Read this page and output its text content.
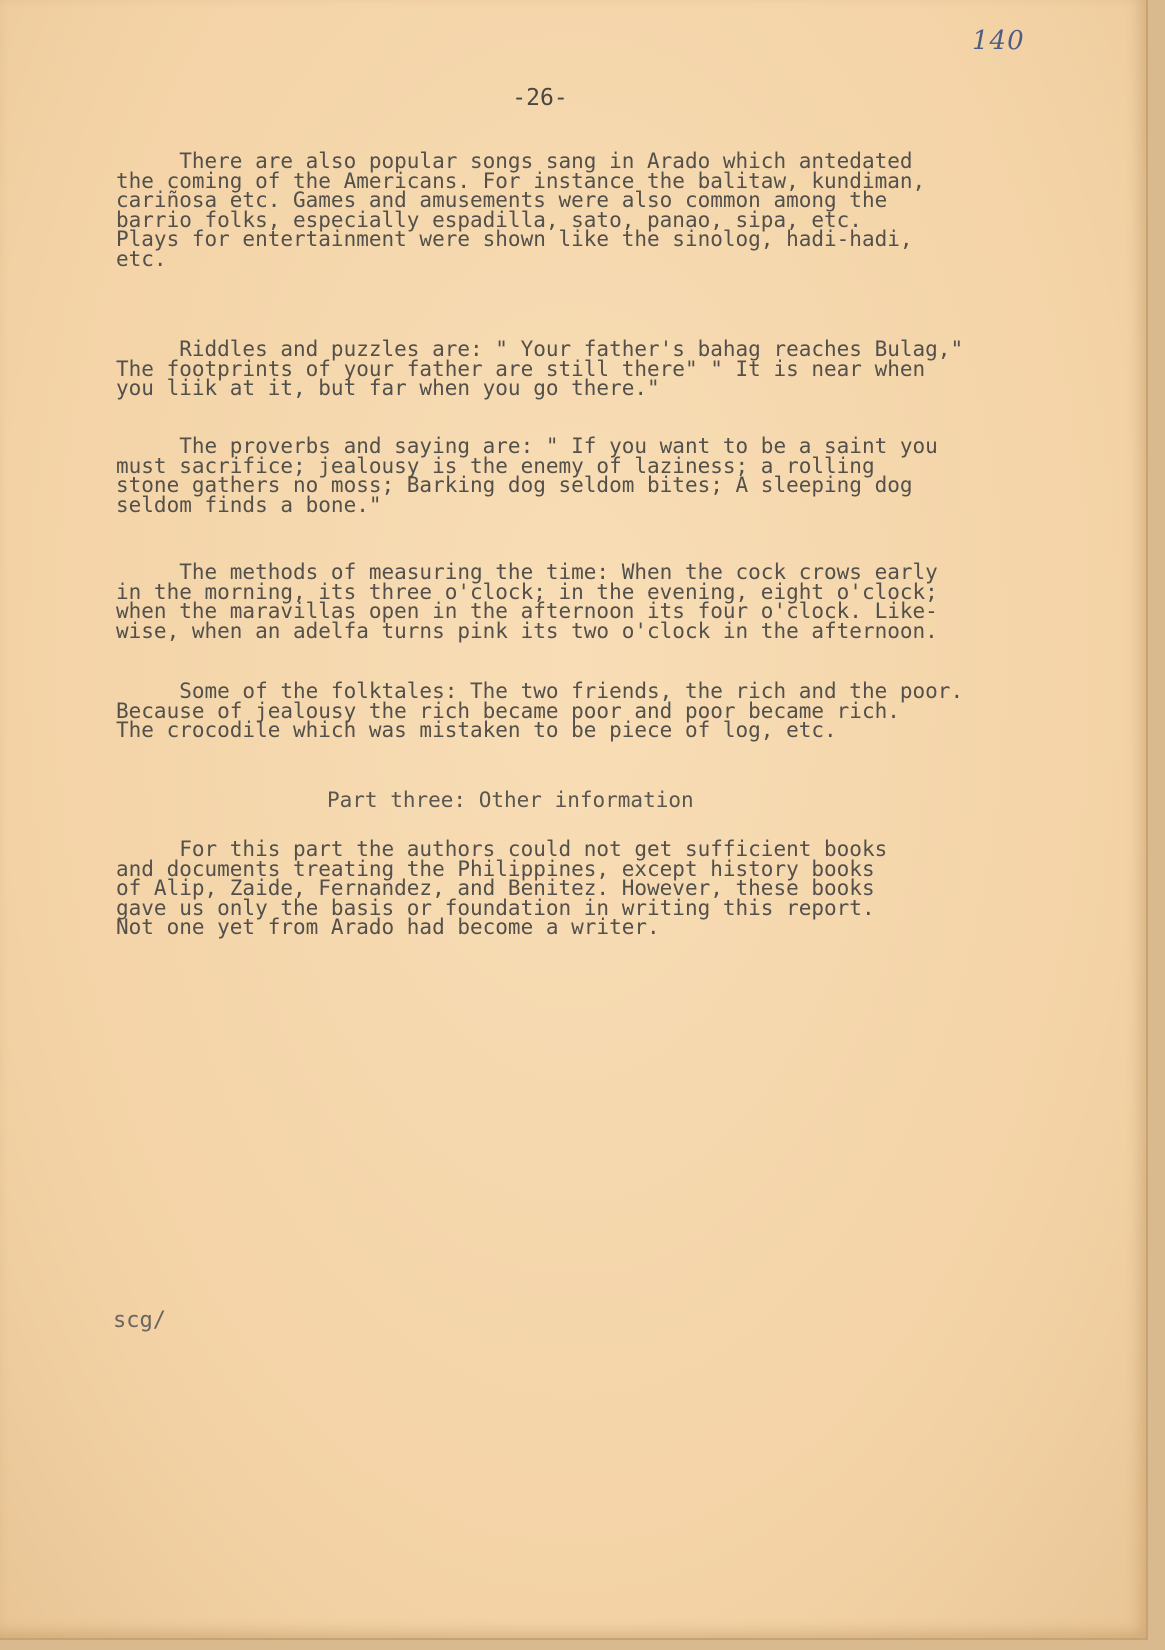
140
-26-
There are also popular songs sang in Arado which antedated
the coming of the Americans. For instance the balitaw, kundiman,
cariñosa etc. Games and amusements were also common among the
barrio folks, especially espadilla, sato, panao, sipa, etc.
Plays for entertainment were shown like the sinolog, hadi-hadi,
etc.
Riddles and puzzles are: " Your father's bahag reaches Bulag,"
The footprints of your father are still there" " It is near when
you liik at it, but far when you go there."
The proverbs and saying are: " If you want to be a saint you
must sacrifice; jealousy is the enemy of laziness; a rolling
stone gathers no moss; Barking dog seldom bites; A sleeping dog
seldom finds a bone."
The methods of measuring the time: When the cock crows early
in the morning, its three o'clock; in the evening, eight o'clock;
when the maravillas open in the afternoon its four o'clock. Like-
wise, when an adelfa turns pink its two o'clock in the afternoon.
Some of the folktales: The two friends, the rich and the poor.
Because of jealousy the rich became poor and poor became rich.
The crocodile which was mistaken to be piece of log, etc.
Part three: Other information
For this part the authors could not get sufficient books
and documents treating the Philippines, except history books
of Alip, Zaide, Fernandez, and Benitez. However, these books
gave us only the basis or foundation in writing this report.
Not one yet from Arado had become a writer.
scg/
